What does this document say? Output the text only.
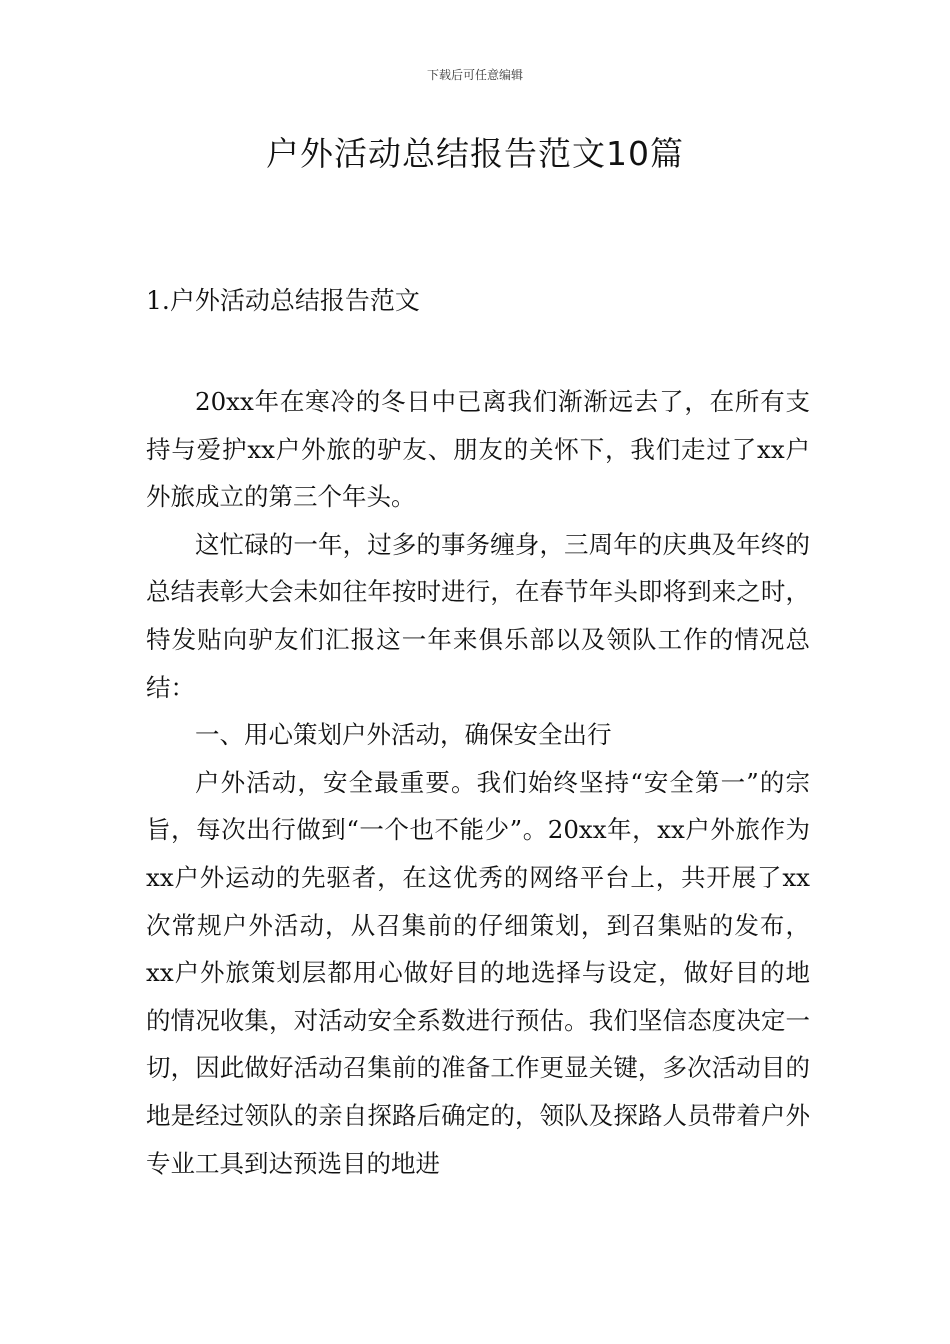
下载后可任意编辑
户外活动总结报告范文10篇
1.户外活动总结报告范文

20xx年在寒冷的冬日中已离我们渐渐远去了，在所有支持与爱护xx户外旅的驴友、朋友的关怀下，我们走过了xx户外旅成立的第三个年头。

这忙碌的一年，过多的事务缠身，三周年的庆典及年终的总结表彰大会未如往年按时进行，在春节年头即将到来之时，特发贴向驴友们汇报这一年来俱乐部以及领队工作的情况总结：

一、用心策划户外活动，确保安全出行

户外活动，安全最重要。我们始终坚持“安全第一”的宗旨，每次出行做到“一个也不能少”。20xx年，xx户外旅作为xx户外运动的先驱者，在这优秀的网络平台上，共开展了xx次常规户外活动，从召集前的仔细策划，到召集贴的发布，xx户外旅策划层都用心做好目的地选择与设定，做好目的地的情况收集，对活动安全系数进行预估。我们坚信态度决定一切，因此做好活动召集前的准备工作更显关键，多次活动目的地是经过领队的亲自探路后确定的，领队及探路人员带着户外专业工具到达预选目的地进
